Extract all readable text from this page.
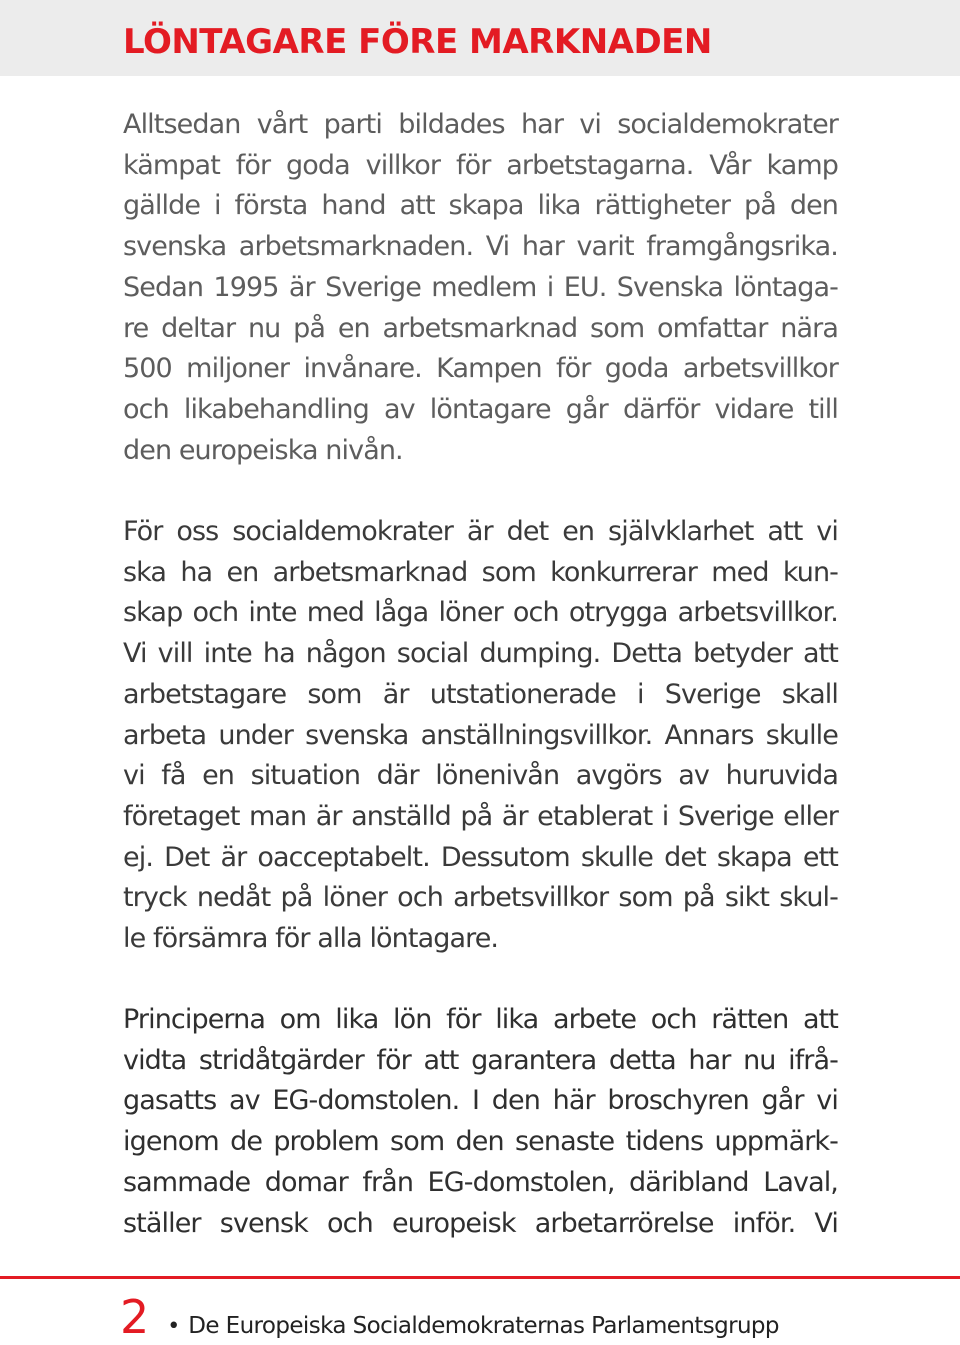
LÖNTAGARE FÖRE MARKNADEN
Alltsedan vårt parti bildades har vi socialdemokrater
kämpat för goda villkor för arbetstagarna. Vår kamp
gällde i första hand att skapa lika rättigheter på den
svenska arbetsmarknaden. Vi har varit framgångsrika.
Sedan 1995 är Sverige medlem i EU. Svenska löntaga-
re deltar nu på en arbetsmarknad som omfattar nära
500 miljoner invånare. Kampen för goda arbetsvillkor
och likabehandling av löntagare går därför vidare till
den europeiska nivån.
För oss socialdemokrater är det en självklarhet att vi
ska ha en arbetsmarknad som konkurrerar med kun-
skap och inte med låga löner och otrygga arbetsvillkor.
Vi vill inte ha någon social dumping. Detta betyder att
arbetstagare som är utstationerade i Sverige skall
arbeta under svenska anställningsvillkor. Annars skulle
vi få en situation där lönenivån avgörs av huruvida
företaget man är anställd på är etablerat i Sverige eller
ej. Det är oacceptabelt. Dessutom skulle det skapa ett
tryck nedåt på löner och arbetsvillkor som på sikt skul-
le försämra för alla löntagare.
Principerna om lika lön för lika arbete och rätten att
vidta stridåtgärder för att garantera detta har nu ifrå-
gasatts av EG-domstolen. I den här broschyren går vi
igenom de problem som den senaste tidens uppmärk-
sammade domar från EG-domstolen, däribland Laval,
ställer svensk och europeisk arbetarrörelse inför. Vi
2 • De Europeiska Socialdemokraternas Parlamentsgrupp
